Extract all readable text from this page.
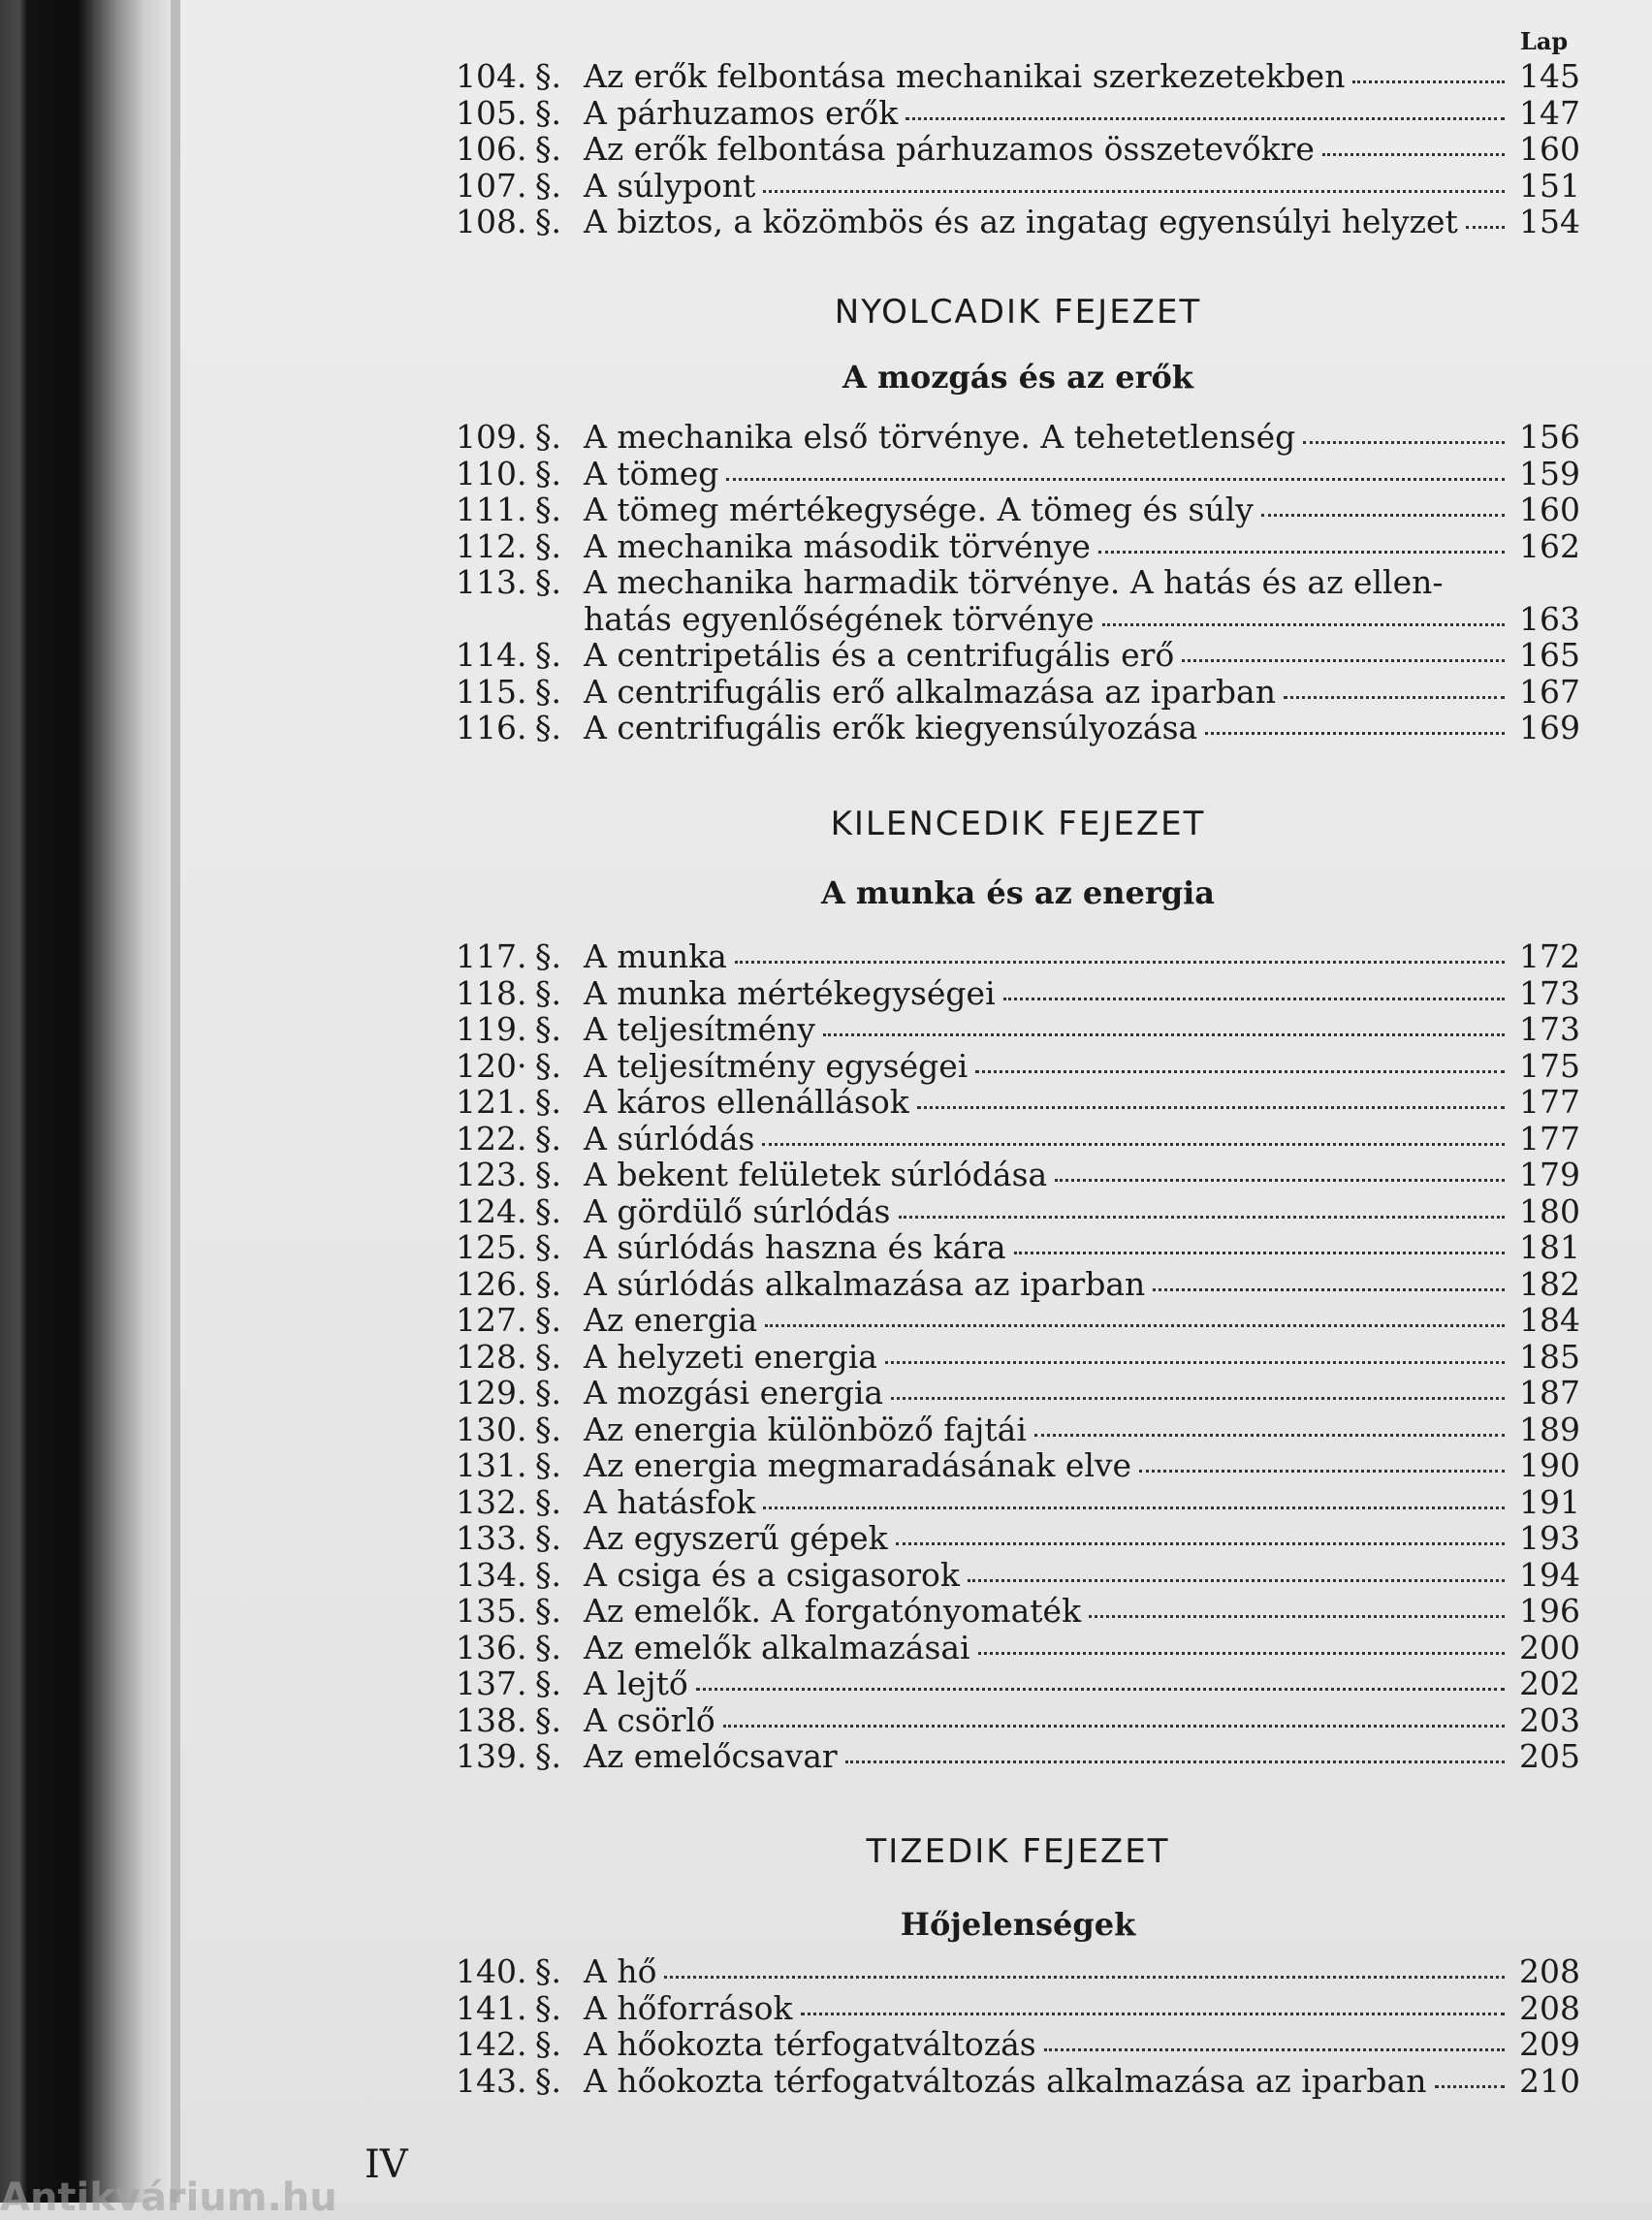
Lap
104. §. Az erők felbontása mechanikai szerkezetekben	145
105. §. A párhuzamos erők	147
106. §. Az erők felbontása párhuzamos összetevőkre	160
107. §. A súlypont	151
108. §. A biztos, a közömbös és az ingatag egyensúlyi helyzet 154
NYOLCADIK FEJEZET
A mozgás és az erők
109. §. A mechanika első törvénye. A tehetetlenség	156
110. §. A tömeg	159
111. §. A tömeg mértékegysége. A tömeg és súly	160
112. §. A mechanika második törvénye	162
113. §. A mechanika harmadik törvénye. A hatás és az ellen-
hatás egyenlőségének törvénye	163
114. §. A centripetális és a centrifugális erő	165
115. §. A centrifugális erő alkalmazása az iparban	167
116. §. A centrifugális erők kiegyensúlyozása	169
KILENCEDIK FEJEZET
A munka és az energia
117. §. A munka	172
118. §. A munka mértékegységei	173
119. §. A teljesítmény	173
120· §. A teljesítmény egységei	175
121. §. A káros ellenállások	177
122. §. A súrlódás	177
123. §. A bekent felületek súrlódása	179
124. §. A gördülő súrlódás	180
125. §. A súrlódás haszna és kára	181
126. §. A súrlódás alkalmazása az iparban	182
127. §. Az energia	184
128. §. A helyzeti energia	185
129. §. A mozgási energia	187
130. §. Az energia különböző fajtái	189
131. §. Az energia megmaradásának elve	190
132. §. A hatásfok	191
133. §. Az egyszerű gépek	193
134. §. A csiga és a csigasorok	194
135. §. Az emelők. A forgatónyomaték	196
136. §. Az emelők alkalmazásai	200
137. §. A lejtő	202
138. §. A csörlő	203
139. §. Az emelőcsavar	205
TIZEDIK FEJEZET
Hőjelenségek
140. §. A hő	208
141. §. A hőforrások	208
142. §. A hőokozta térfogatváltozás	209
143. §. A hőokozta térfogatváltozás alkalmazása az iparban	210
IV
Antikvárium.hu
